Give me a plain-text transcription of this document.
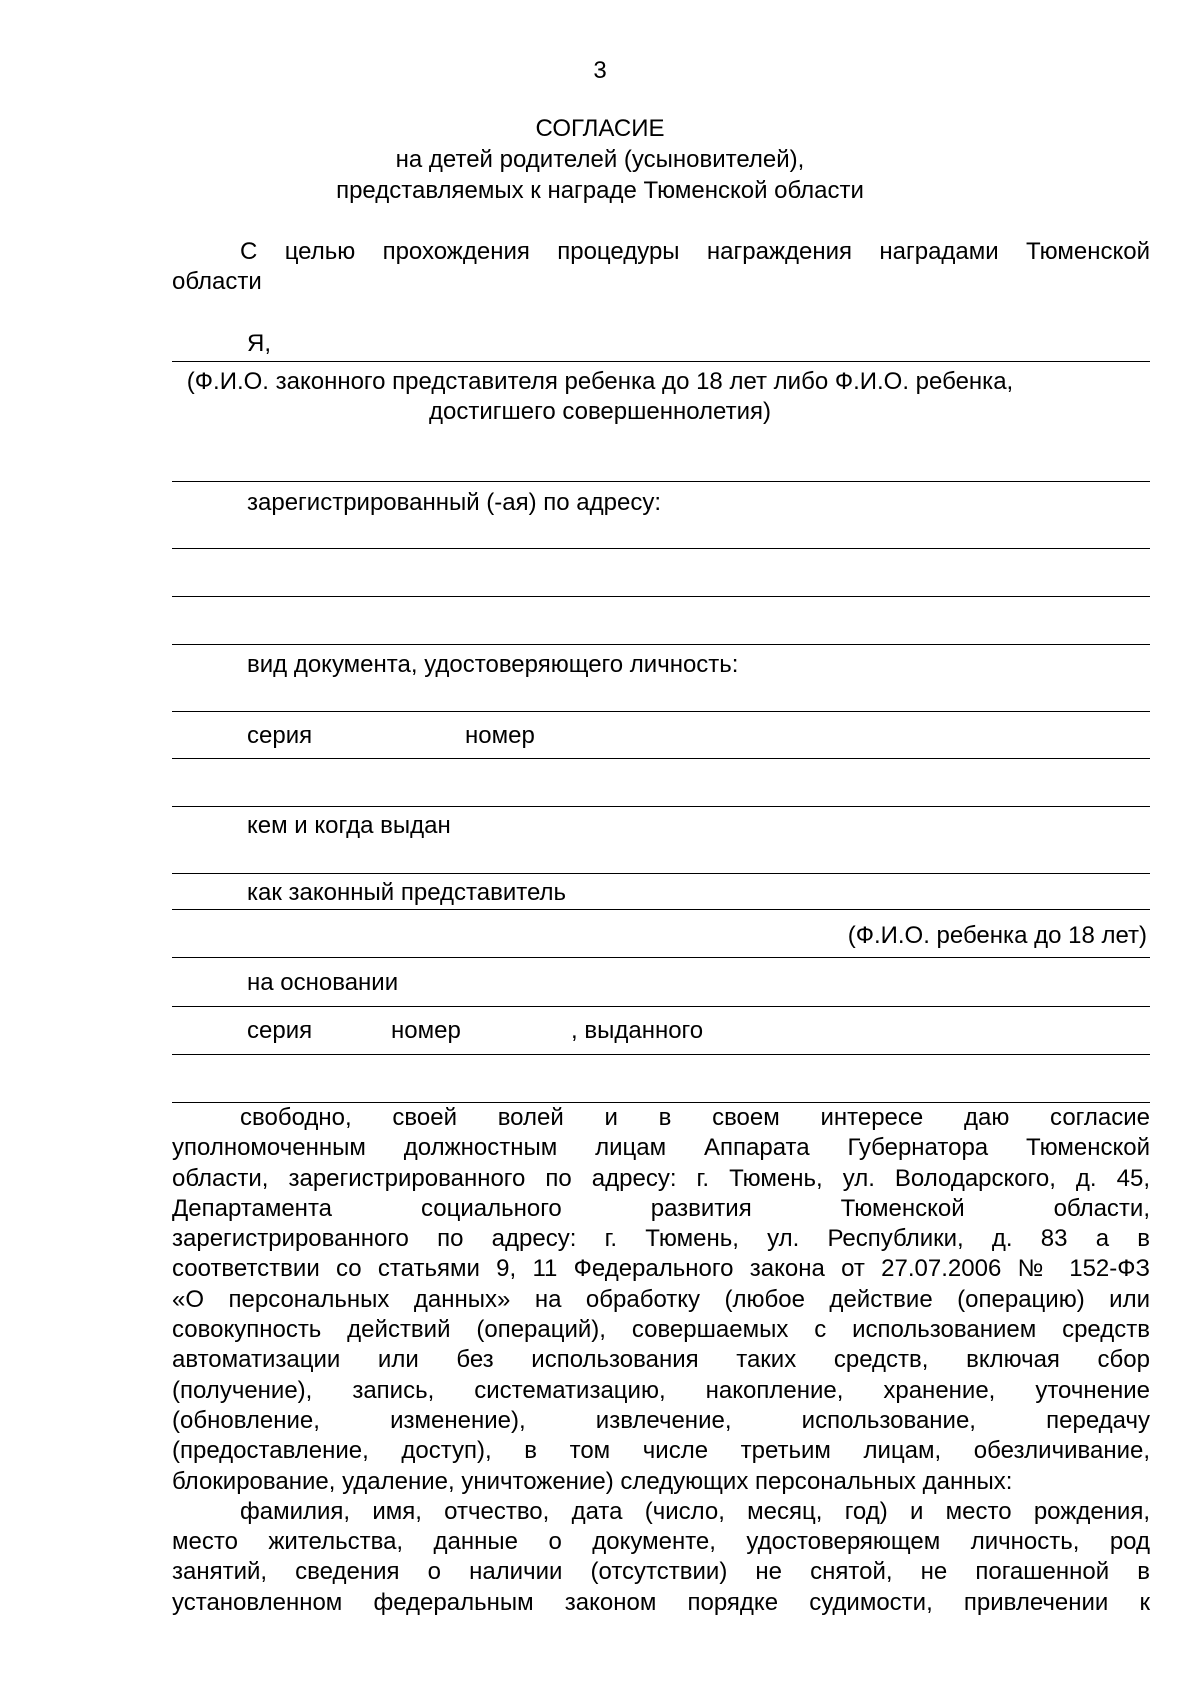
3
СОГЛАСИЕ
на детей родителей (усыновителей),
представляемых к награде Тюменской области
С целью прохождения процедуры награждения наградами Тюменской
области
Я,
(Ф.И.О. законного представителя ребенка до 18 лет либо Ф.И.О. ребенка,
достигшего совершеннолетия)
зарегистрированный (-ая) по адресу:
вид документа, удостоверяющего личность:
серия	номер
кем и когда выдан
как законный представитель
(Ф.И.О. ребенка до 18 лет)
на основании
серия	номер	, выданного

свободно, своей волей и в своем интересе даю согласие

уполномоченным должностным лицам Аппарата Губернатора Тюменской

области, зарегистрированного по адресу: г. Тюмень, ул. Володарского, д. 45,

Департамента социального развития Тюменской области,

зарегистрированного по адресу: г. Тюмень, ул. Республики, д. 83 а в

соответствии со статьями 9, 11 Федерального закона от 27.07.2006 № 152-ФЗ

«О персональных данных» на обработку (любое действие (операцию) или

совокупность действий (операций), совершаемых с использованием средств

автоматизации или без использования таких средств, включая сбор

(получение), запись, систематизацию, накопление, хранение, уточнение

(обновление, изменение), извлечение, использование, передачу

(предоставление, доступ), в том числе третьим лицам, обезличивание,

блокирование, удаление, уничтожение) следующих персональных данных:

фамилия, имя, отчество, дата (число, месяц, год) и место рождения,

место жительства, данные о документе, удостоверяющем личность, род

занятий, сведения о наличии (отсутствии) не снятой, не погашенной в

установленном федеральным законом порядке судимости, привлечении к
